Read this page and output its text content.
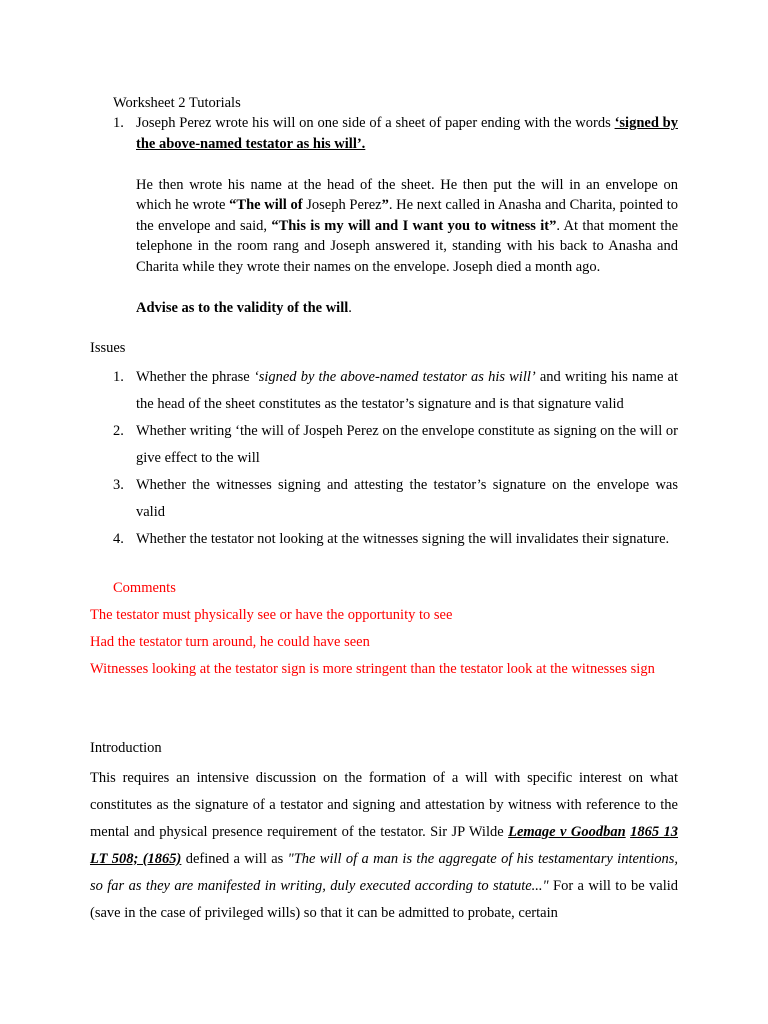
Worksheet 2 Tutorials
1. Joseph Perez wrote his will on one side of a sheet of paper ending with the words ‘signed by the above-named testator as his will’.

He then wrote his name at the head of the sheet. He then put the will in an envelope on which he wrote “The will of Joseph Perez”. He next called in Anasha and Charita, pointed to the envelope and said, “This is my will and I want you to witness it”. At that moment the telephone in the room rang and Joseph answered it, standing with his back to Anasha and Charita while they wrote their names on the envelope. Joseph died a month ago.

Advise as to the validity of the will.

Issues
1. Whether the phrase ‘signed by the above-named testator as his will’ and writing his name at the head of the sheet constitutes as the testator’s signature and is that signature valid
2. Whether writing ‘the will of Jospeh Perez on the envelope constitute as signing on the will or give effect to the will
3. Whether the witnesses signing and attesting the testator’s signature on the envelope was valid
4. Whether the testator not looking at the witnesses signing the will invalidates their signature.
Comments
The testator must physically see or have the opportunity to see
Had the testator turn around, he could have seen
Witnesses looking at the testator sign is more stringent than the testator look at the witnesses sign
Introduction
This requires an intensive discussion on the formation of a will with specific interest on what constitutes as the signature of a testator and signing and attestation by witness with reference to the mental and physical presence requirement of the testator. Sir JP Wilde Lemage v Goodban 1865 13 LT 508; (1865) defined a will as "The will of a man is the aggregate of his testamentary intentions, so far as they are manifested in writing, duly executed according to statute..." For a will to be valid (save in the case of privileged wills) so that it can be admitted to probate, certain
